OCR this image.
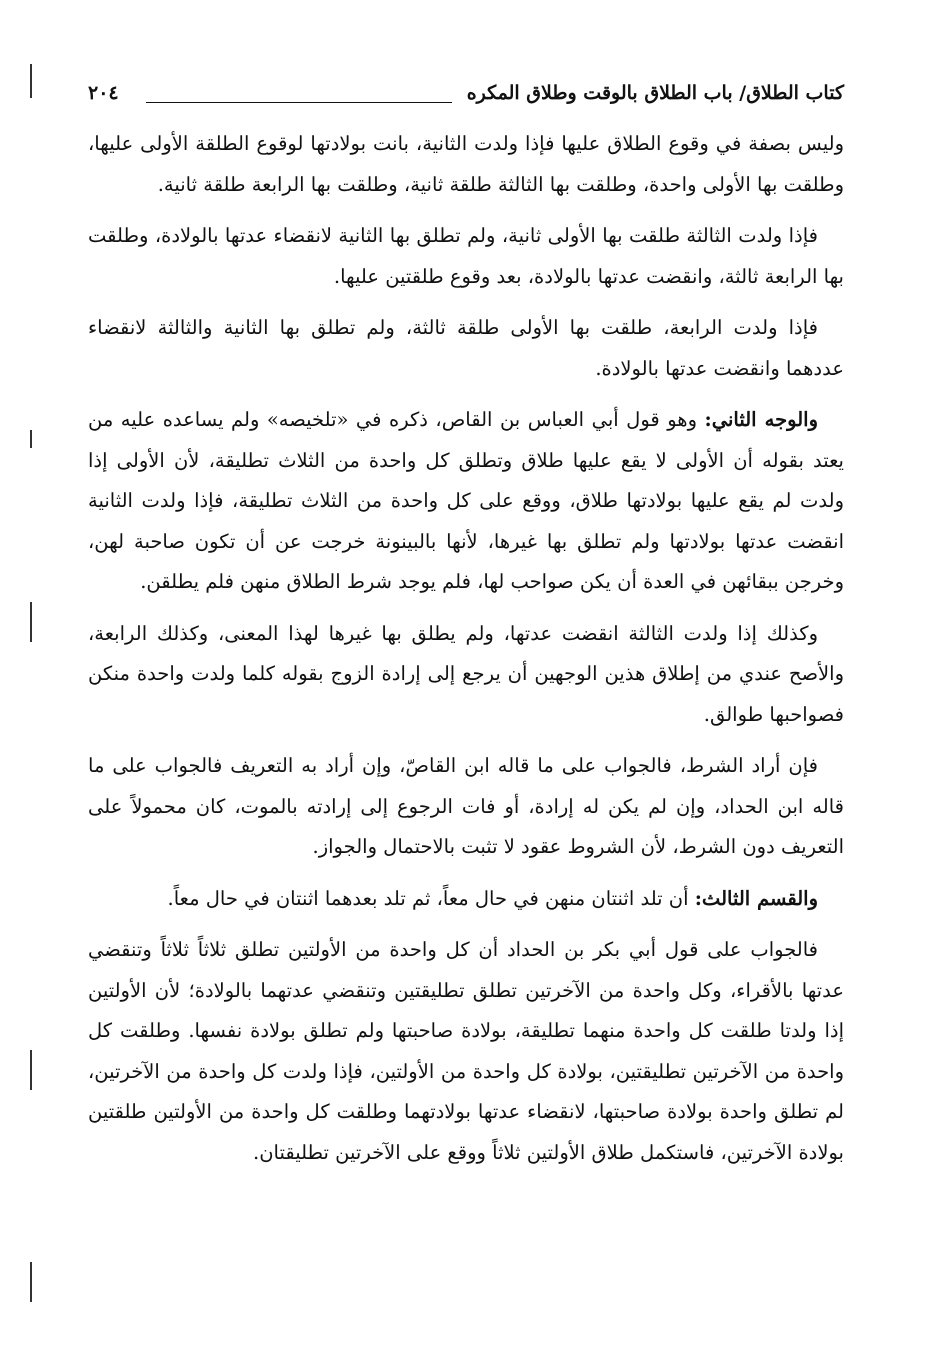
كتاب الطلاق/ باب الطلاق بالوقت وطلاق المكره
٢٠٤

وليس بصفة في وقوع الطلاق عليها فإذا ولدت الثانية، بانت بولادتها لوقوع الطلقة الأولى عليها، وطلقت بها الأولى واحدة، وطلقت بها الثالثة طلقة ثانية، وطلقت بها الرابعة طلقة ثانية.

فإذا ولدت الثالثة طلقت بها الأولى ثانية، ولم تطلق بها الثانية لانقضاء عدتها بالولادة، وطلقت بها الرابعة ثالثة، وانقضت عدتها بالولادة، بعد وقوع طلقتين عليها.

فإذا ولدت الرابعة، طلقت بها الأولى طلقة ثالثة، ولم تطلق بها الثانية والثالثة لانقضاء عددهما وانقضت عدتها بالولادة.

والوجه الثاني: وهو قول أبي العباس بن القاص، ذكره في «تلخيصه» ولم يساعده عليه من يعتد بقوله أن الأولى لا يقع عليها طلاق وتطلق كل واحدة من الثلاث تطليقة، لأن الأولى إذا ولدت لم يقع عليها بولادتها طلاق، ووقع على كل واحدة من الثلاث تطليقة، فإذا ولدت الثانية انقضت عدتها بولادتها ولم تطلق بها غيرها، لأنها بالبينونة خرجت عن أن تكون صاحبة لهن، وخرجن ببقائهن في العدة أن يكن صواحب لها، فلم يوجد شرط الطلاق منهن فلم يطلقن.

وكذلك إذا ولدت الثالثة انقضت عدتها، ولم يطلق بها غيرها لهذا المعنى، وكذلك الرابعة، والأصح عندي من إطلاق هذين الوجهين أن يرجع إلى إرادة الزوج بقوله كلما ولدت واحدة منكن فصواحبها طوالق.

فإن أراد الشرط، فالجواب على ما قاله ابن القاصّ، وإن أراد به التعريف فالجواب على ما قاله ابن الحداد، وإن لم يكن له إرادة، أو فات الرجوع إلى إرادته بالموت، كان محمولاً على التعريف دون الشرط، لأن الشروط عقود لا تثبت بالاحتمال والجواز.

والقسم الثالث: أن تلد اثنتان منهن في حال معاً، ثم تلد بعدهما اثنتان في حال معاً.

فالجواب على قول أبي بكر بن الحداد أن كل واحدة من الأولتين تطلق ثلاثاً ثلاثاً وتنقضي عدتها بالأقراء، وكل واحدة من الآخرتين تطلق تطليقتين وتنقضي عدتهما بالولادة؛ لأن الأولتين إذا ولدتا طلقت كل واحدة منهما تطليقة، بولادة صاحبتها ولم تطلق بولادة نفسها. وطلقت كل واحدة من الآخرتين تطليقتين، بولادة كل واحدة من الأولتين، فإذا ولدت كل واحدة من الآخرتين، لم تطلق واحدة بولادة صاحبتها، لانقضاء عدتها بولادتهما وطلقت كل واحدة من الأولتين طلقتين بولادة الآخرتين، فاستكمل طلاق الأولتين ثلاثاً ووقع على الآخرتين تطليقتان.
